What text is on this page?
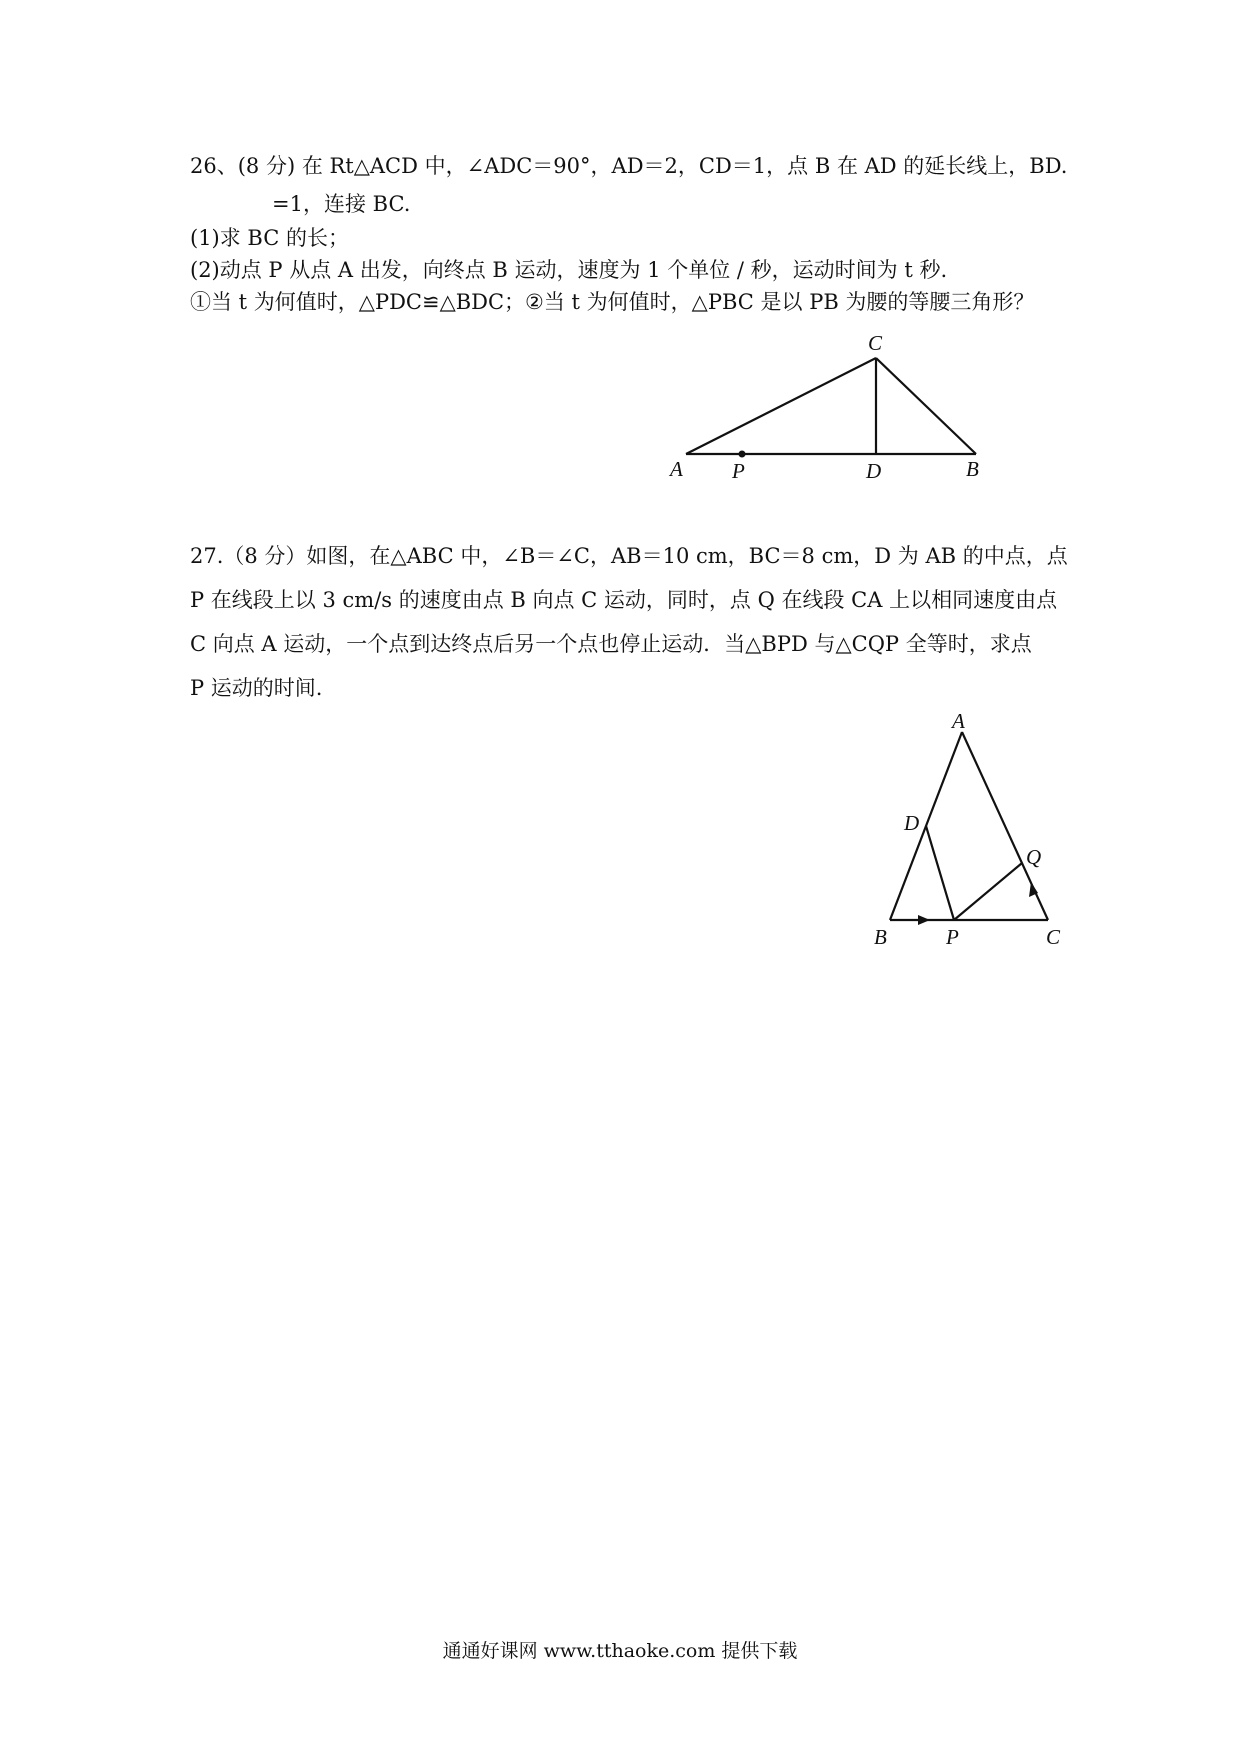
26、(8 分) 在 Rt△ACD 中，∠ADC＝90°，AD＝2，CD＝1，点 B 在 AD 的延长线上，BD.
=1，连接 BC.
(1)求 BC 的长；
(2)动点 P 从点 A 出发，向终点 B 运动，速度为 1 个单位 / 秒，运动时间为 t 秒.
①当 t 为何值时，△PDC≌△BDC；②当 t 为何值时，△PBC 是以 PB 为腰的等腰三角形？
C
A P	D	B
27.（8 分）如图，在△ABC 中，∠B＝∠C，AB＝10 cm，BC＝8 cm，D 为 AB 的中点，点
P 在线段上以 3 cm/s 的速度由点 B 向点 C 运动，同时，点 Q 在线段 CA 上以相同速度由点
C 向点 A 运动，一个点到达终点后另一个点也停止运动．当△BPD 与△CQP 全等时，求点
P 运动的时间.
A
D
Q
B	P	C
通通好课网 www.tthaoke.com 提供下载
